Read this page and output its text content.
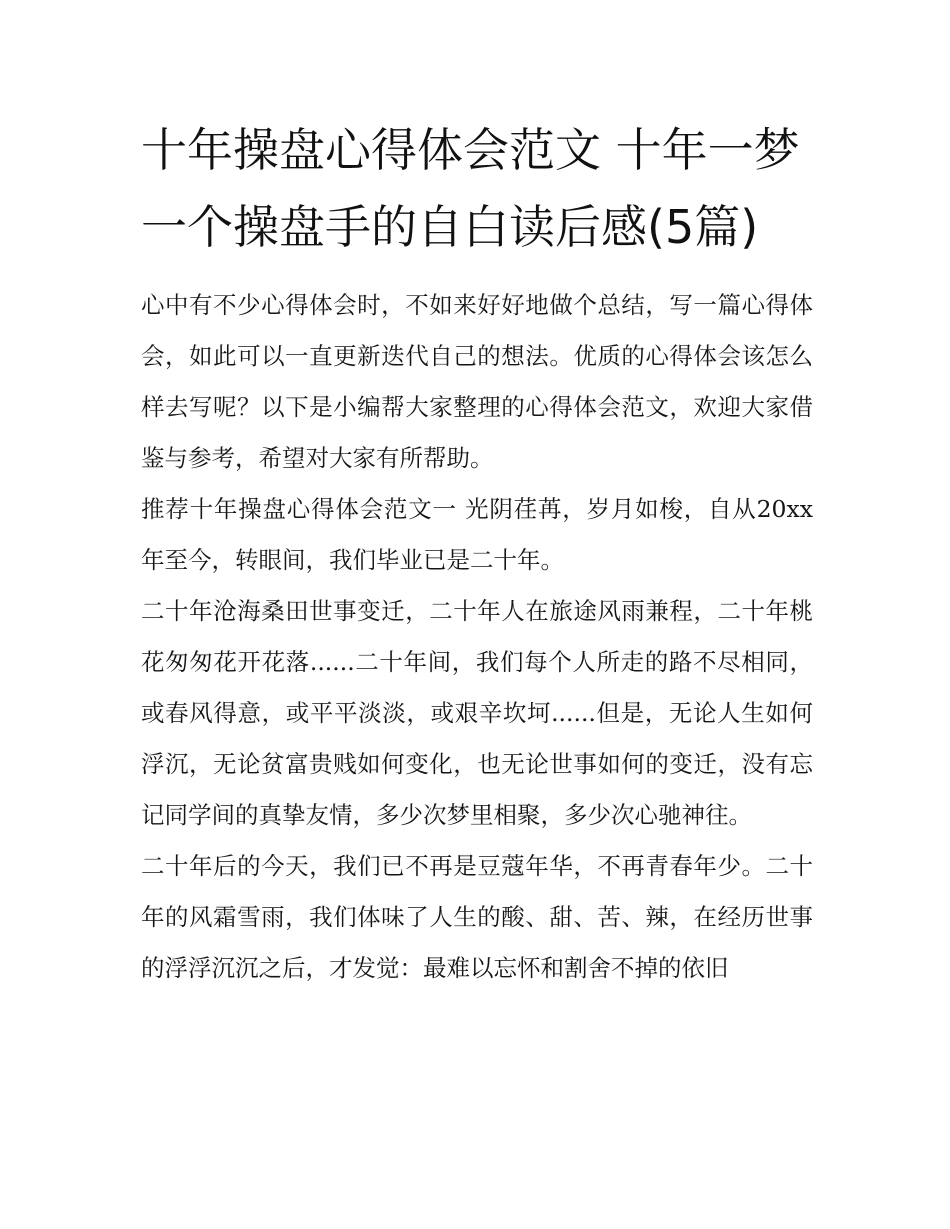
十年操盘心得体会范文 十年一梦一个操盘手的自白读后感(5篇)

心中有不少心得体会时，不如来好好地做个总结，写一篇心得体会，如此可以一直更新迭代自己的想法。优质的心得体会该怎么样去写呢？以下是小编帮大家整理的心得体会范文，欢迎大家借鉴与参考，希望对大家有所帮助。

推荐十年操盘心得体会范文一 光阴荏苒，岁月如梭，自从20xx年至今，转眼间，我们毕业已是二十年。

二十年沧海桑田世事变迁，二十年人在旅途风雨兼程，二十年桃花匆匆花开花落......二十年间，我们每个人所走的路不尽相同，或春风得意，或平平淡淡，或艰辛坎坷......但是，无论人生如何浮沉，无论贫富贵贱如何变化，也无论世事如何的变迁，没有忘记同学间的真挚友情，多少次梦里相聚，多少次心驰神往。

二十年后的今天，我们已不再是豆蔻年华，不再青春年少。二十年的风霜雪雨，我们体味了人生的酸、甜、苦、辣，在经历世事的浮浮沉沉之后，才发觉：最难以忘怀和割舍不掉的依旧
